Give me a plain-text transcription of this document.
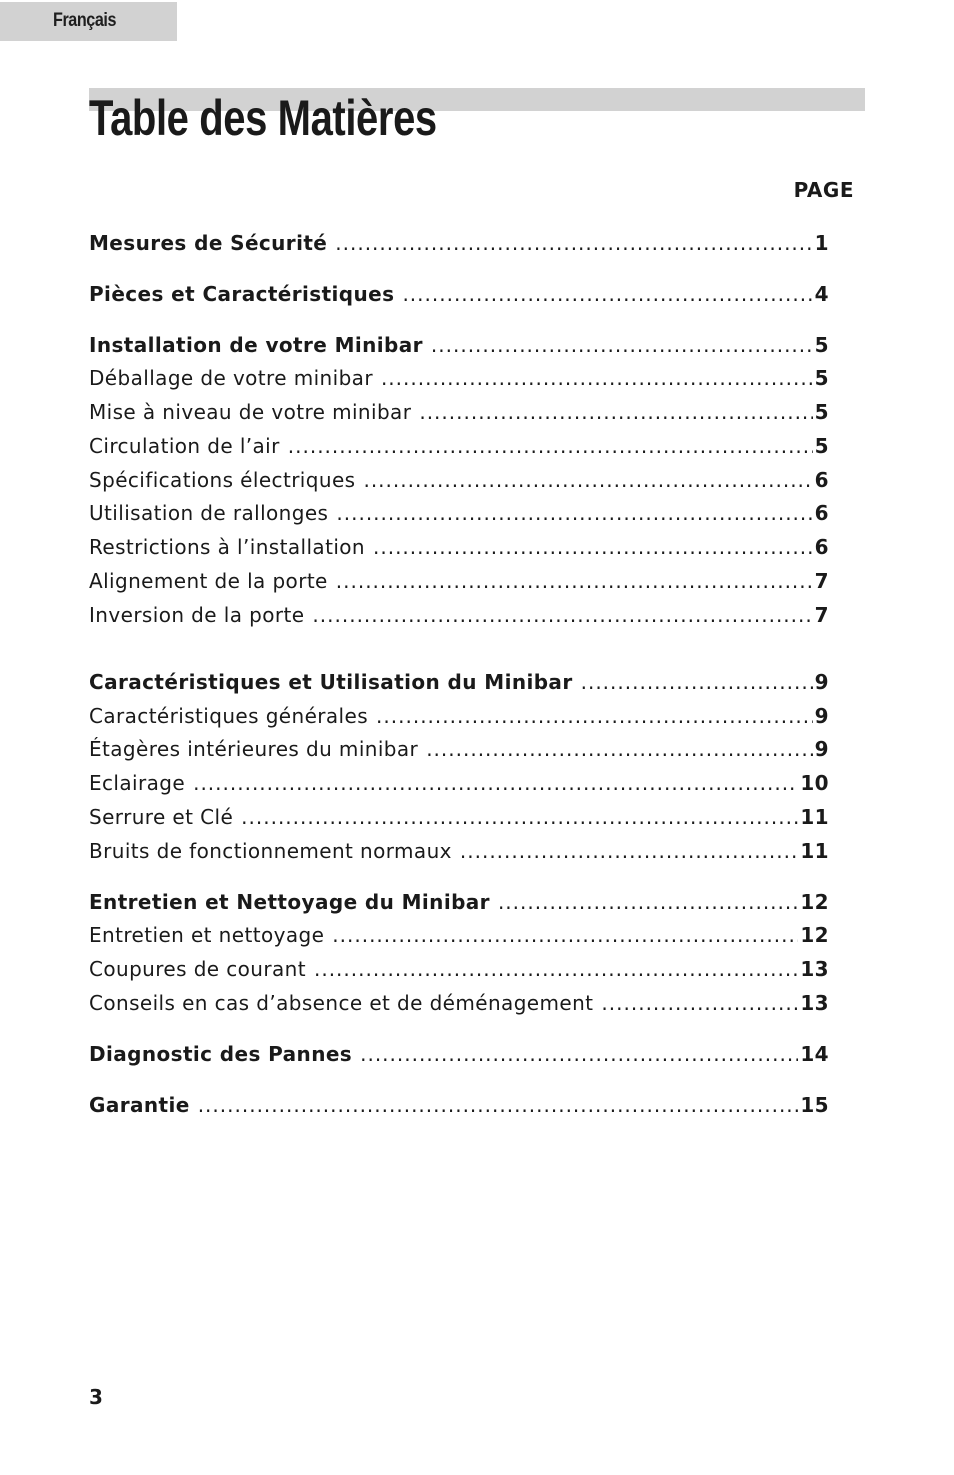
Français
Table des Matières
PAGE
Mesures de Sécurité .....	1
Pièces et Caractéristiques .....	4
Installation de votre Minibar .....	5
Déballage de votre minibar .....	5
Mise à niveau de votre minibar .....	5
Circulation de l’air .....	5
Spécifications électriques .....	6
Utilisation de rallonges .....	6
Restrictions à l’installation .....	6
Alignement de la porte .....	7
Inversion de la porte .....	7
Caractéristiques et Utilisation du Minibar .....	9
Caractéristiques générales .....	9
Étagères intérieures du minibar .....	9
Eclairage .....	10
Serrure et Clé .....	11
Bruits de fonctionnement normaux .....	11
Entretien et Nettoyage du Minibar .....	12
Entretien et nettoyage .....	12
Coupures de courant .....	13
Conseils en cas d’absence et de déménagement .....	13
Diagnostic des Pannes .....	14
Garantie .....	15
3
